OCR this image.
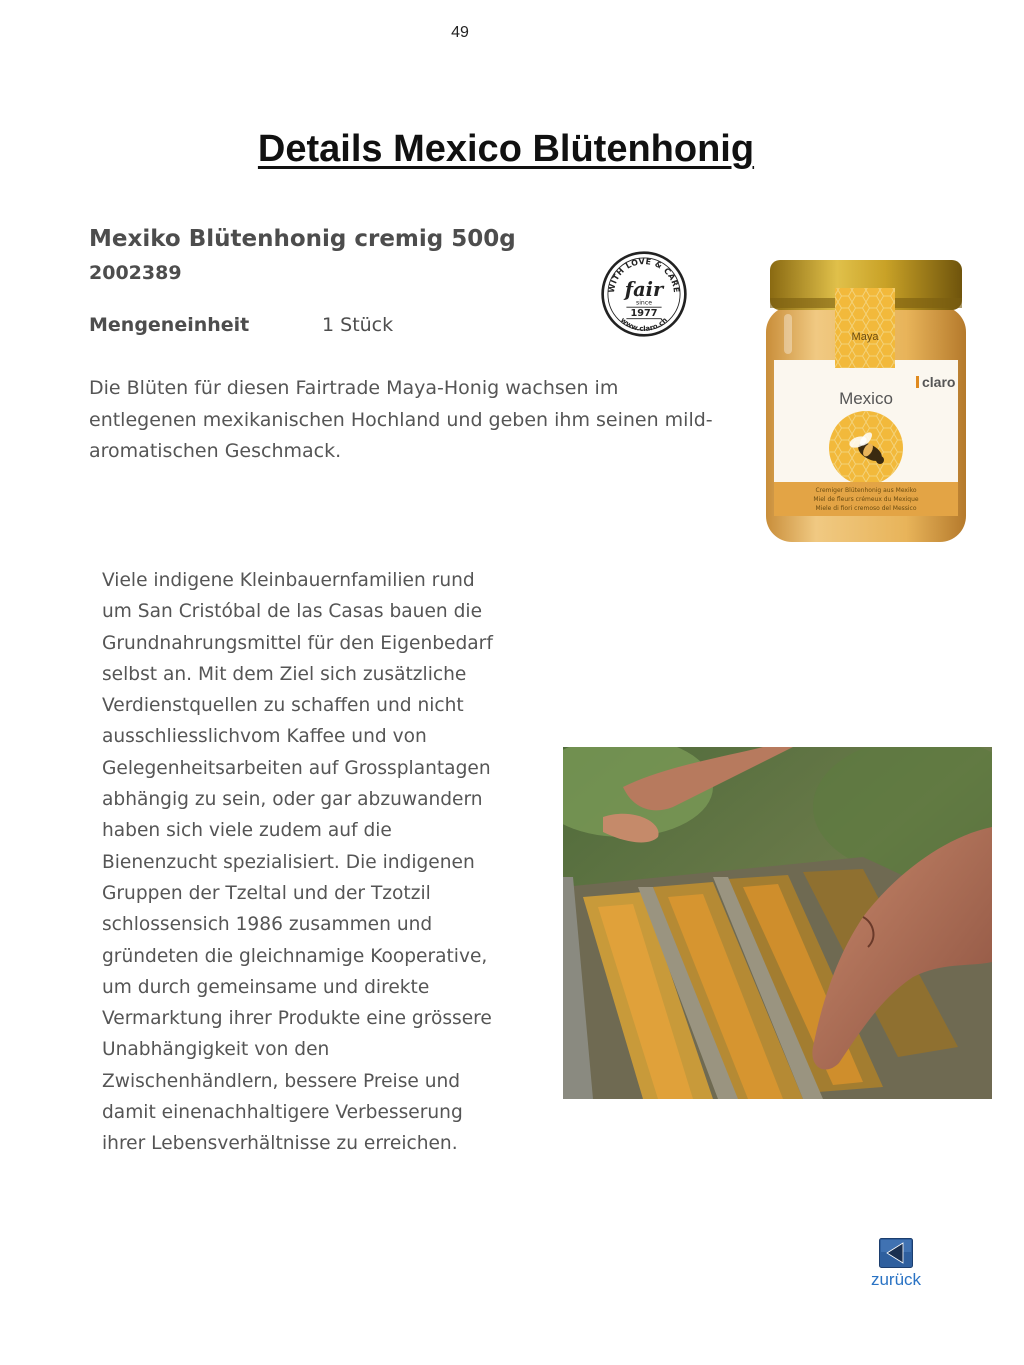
49
Details Mexico Blütenhonig
Mexiko Blütenhonig cremig 500g
2002389
Mengeneinheit	1 Stück
Die Blüten für diesen Fairtrade Maya-Honig wachsen im entlegenen mexikanischen Hochland und geben ihm seinen mild-aromatischen Geschmack.
Viele indigene Kleinbauernfamilien rund um San Cristóbal de las Casas bauen die Grundnahrungsmittel für den Eigenbedarf selbst an. Mit dem Ziel sich zusätzliche Verdienstquellen zu schaffen und nicht ausschliesslichvom Kaffee und von Gelegenheitsarbeiten auf Grossplantagen abhängig zu sein, oder gar abzuwandern haben sich viele zudem auf die Bienenzucht spezialisiert. Die indigenen Gruppen der Tzeltal und der Tzotzil schlossensich 1986 zusammen und gründeten die gleichnamige Kooperative, um durch gemeinsame und direkte Vermarktung ihrer Produkte eine grössere Unabhängigkeit von den Zwischenhändlern, bessere Preise und damit einenachhaltigere Verbesserung ihrer Lebensverhältnisse zu erreichen.
WITH LOVE & CARE
www.claro.ch
fair
since
1977
Maya
claro
Mexico
Cremiger Blütenhonig aus Mexiko
Miel de fleurs crémeux du Mexique
Miele di fiori cremoso del Messico
zurück
